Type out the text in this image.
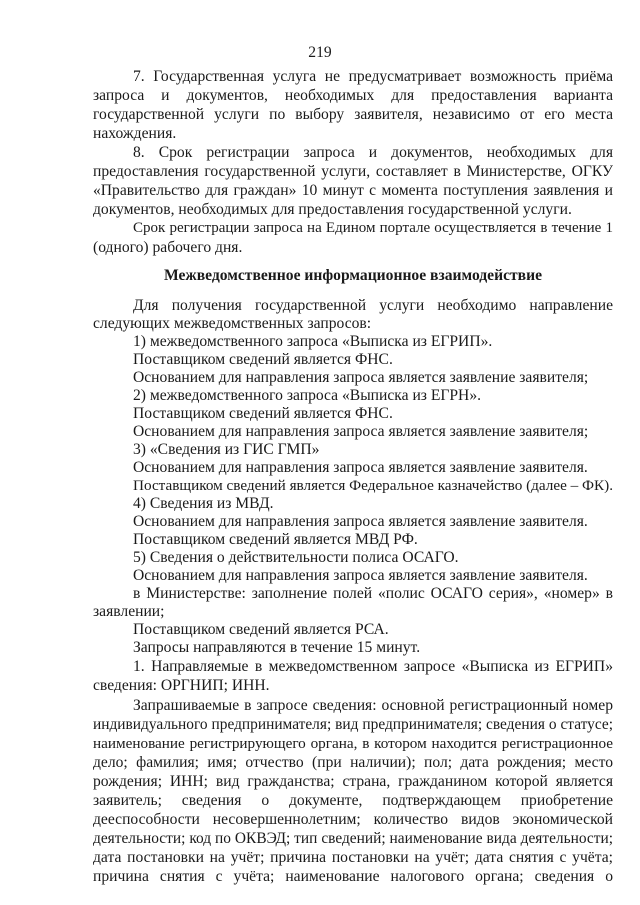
219
7. Государственная услуга не предусматривает возможность приёма
запроса и документов, необходимых для предоставления варианта
государственной услуги по выбору заявителя, независимо от его места
нахождения.
8. Срок регистрации запроса и документов, необходимых для
предоставления государственной услуги, составляет в Министерстве, ОГКУ
«Правительство для граждан» 10 минут с момента поступления заявления и
документов, необходимых для предоставления государственной услуги.
Срок регистрации запроса на Едином портале осуществляется в течение 1
(одного) рабочего дня.
Межведомственное информационное взаимодействие
Для получения государственной услуги необходимо направление
следующих межведомственных запросов:
1) межведомственного запроса «Выписка из ЕГРИП».
Поставщиком сведений является ФНС.
Основанием для направления запроса является заявление заявителя;
2) межведомственного запроса «Выписка из ЕГРН».
Поставщиком сведений является ФНС.
Основанием для направления запроса является заявление заявителя;
3) «Сведения из ГИС ГМП»
Основанием для направления запроса является заявление заявителя.
Поставщиком сведений является Федеральное казначейство (далее – ФК).
4) Сведения из МВД.
Основанием для направления запроса является заявление заявителя.
Поставщиком сведений является МВД РФ.
5) Сведения о действительности полиса ОСАГО.
Основанием для направления запроса является заявление заявителя.
в Министерстве: заполнение полей «полис ОСАГО серия», «номер» в
заявлении;
Поставщиком сведений является РСА.
Запросы направляются в течение 15 минут.
1. Направляемые в межведомственном запросе «Выписка из ЕГРИП»
сведения: ОРГНИП; ИНН.
Запрашиваемые в запросе сведения: основной регистрационный номер
индивидуального предпринимателя; вид предпринимателя; сведения о статусе;
наименование регистрирующего органа, в котором находится регистрационное
дело; фамилия; имя; отчество (при наличии); пол; дата рождения; место
рождения; ИНН; вид гражданства; страна, гражданином которой является
заявитель; сведения о документе, подтверждающем приобретение
дееспособности несовершеннолетним; количество видов экономической
деятельности; код по ОКВЭД; тип сведений; наименование вида деятельности;
дата постановки на учёт; причина постановки на учёт; дата снятия с учёта;
причина снятия с учёта; наименование налогового органа; сведения о
